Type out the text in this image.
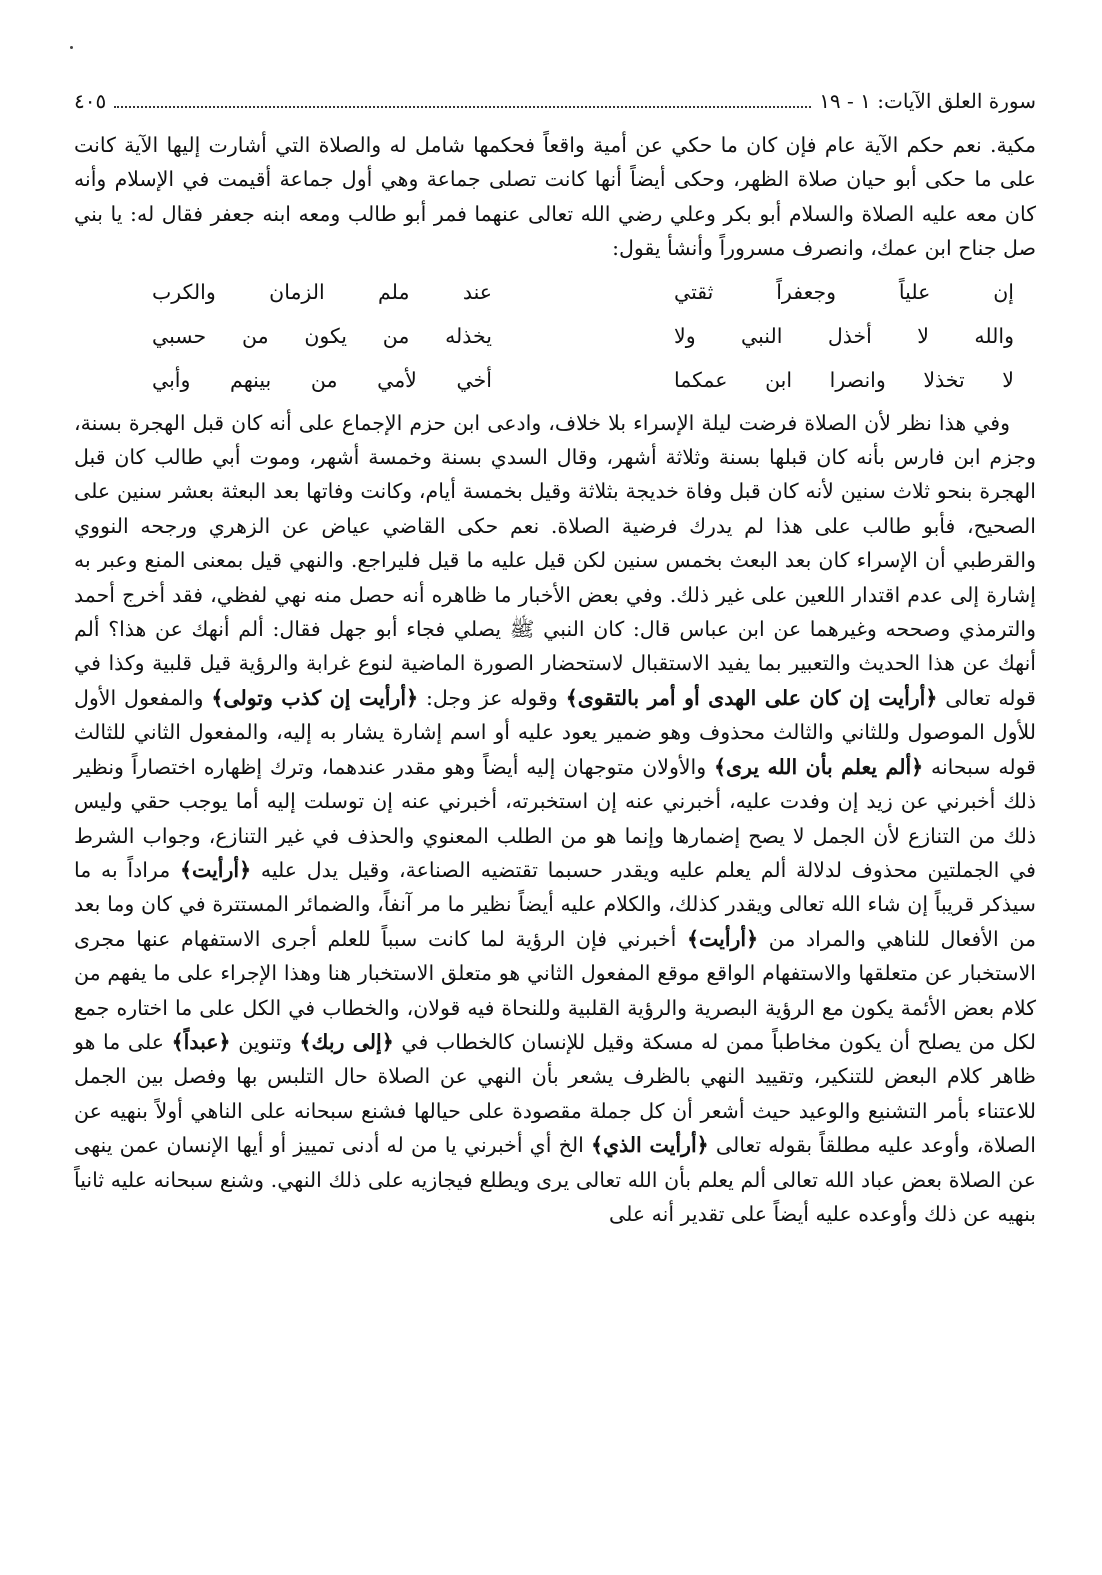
سورة العلق الآيات: ١ - ١٩
٤٠٥

مكية. نعم حكم الآية عام فإن كان ما حكي عن أمية واقعاً فحكمها شامل له والصلاة التي أشارت إليها الآية كانت على ما حكى أبو حيان صلاة الظهر، وحكى أيضاً أنها كانت تصلى جماعة وهي أول جماعة أقيمت في الإسلام وأنه كان معه عليه الصلاة والسلام أبو بكر وعلي رضي الله تعالى عنهما فمر أبو طالب ومعه ابنه جعفر فقال له: يا بني صل جناح ابن عمك، وانصرف مسروراً وأنشأ يقول:

إن علياً وجعفراً ثقتي
عند ملم الزمان والكرب
والله لا أخذل النبي ولا
يخذله من يكون من حسبي
لا تخذلا وانصرا ابن عمكما
أخي لأمي من بينهم وأبي

وفي هذا نظر لأن الصلاة فرضت ليلة الإسراء بلا خلاف، وادعى ابن حزم الإجماع على أنه كان قبل الهجرة بسنة، وجزم ابن فارس بأنه كان قبلها بسنة وثلاثة أشهر، وقال السدي بسنة وخمسة أشهر، وموت أبي طالب كان قبل الهجرة بنحو ثلاث سنين لأنه كان قبل وفاة خديجة بثلاثة وقيل بخمسة أيام، وكانت وفاتها بعد البعثة بعشر سنين على الصحيح، فأبو طالب على هذا لم يدرك فرضية الصلاة. نعم حكى القاضي عياض عن الزهري ورجحه النووي والقرطبي أن الإسراء كان بعد البعث بخمس سنين لكن قيل عليه ما قيل فليراجع. والنهي قيل بمعنى المنع وعبر به إشارة إلى عدم اقتدار اللعين على غير ذلك. وفي بعض الأخبار ما ظاهره أنه حصل منه نهي لفظي، فقد أخرج أحمد والترمذي وصححه وغيرهما عن ابن عباس قال: كان النبي ﷺ يصلي فجاء أبو جهل فقال: ألم أنهك عن هذا؟ ألم أنهك عن هذا الحديث والتعبير بما يفيد الاستقبال لاستحضار الصورة الماضية لنوع غرابة والرؤية قيل قلبية وكذا في قوله تعالى ﴿أرأيت إن كان على الهدى أو أمر بالتقوى﴾ وقوله عز وجل: ﴿أرأيت إن كذب وتولى﴾ والمفعول الأول للأول الموصول وللثاني والثالث محذوف وهو ضمير يعود عليه أو اسم إشارة يشار به إليه، والمفعول الثاني للثالث قوله سبحانه ﴿ألم يعلم بأن الله يرى﴾ والأولان متوجهان إليه أيضاً وهو مقدر عندهما، وترك إظهاره اختصاراً ونظير ذلك أخبرني عن زيد إن وفدت عليه، أخبرني عنه إن استخبرته، أخبرني عنه إن توسلت إليه أما يوجب حقي وليس ذلك من التنازع لأن الجمل لا يصح إضمارها وإنما هو من الطلب المعنوي والحذف في غير التنازع، وجواب الشرط في الجملتين محذوف لدلالة ألم يعلم عليه ويقدر حسبما تقتضيه الصناعة، وقيل يدل عليه ﴿أرأيت﴾ مراداً به ما سيذكر قريباً إن شاء الله تعالى ويقدر كذلك، والكلام عليه أيضاً نظير ما مر آنفاً، والضمائر المستترة في كان وما بعد من الأفعال للناهي والمراد من ﴿أرأيت﴾ أخبرني فإن الرؤية لما كانت سبباً للعلم أجرى الاستفهام عنها مجرى الاستخبار عن متعلقها والاستفهام الواقع موقع المفعول الثاني هو متعلق الاستخبار هنا وهذا الإجراء على ما يفهم من كلام بعض الأئمة يكون مع الرؤية البصرية والرؤية القلبية وللنحاة فيه قولان، والخطاب في الكل على ما اختاره جمع لكل من يصلح أن يكون مخاطباً ممن له مسكة وقيل للإنسان كالخطاب في ﴿إلى ربك﴾ وتنوين ﴿عبداً﴾ على ما هو ظاهر كلام البعض للتنكير، وتقييد النهي بالظرف يشعر بأن النهي عن الصلاة حال التلبس بها وفصل بين الجمل للاعتناء بأمر التشنيع والوعيد حيث أشعر أن كل جملة مقصودة على حيالها فشنع سبحانه على الناهي أولاً بنهيه عن الصلاة، وأوعد عليه مطلقاً بقوله تعالى ﴿أرأيت الذي﴾ الخ أي أخبرني يا من له أدنى تمييز أو أيها الإنسان عمن ينهى عن الصلاة بعض عباد الله تعالى ألم يعلم بأن الله تعالى يرى ويطلع فيجازيه على ذلك النهي. وشنع سبحانه عليه ثانياً بنهيه عن ذلك وأوعده عليه أيضاً على تقدير أنه على
